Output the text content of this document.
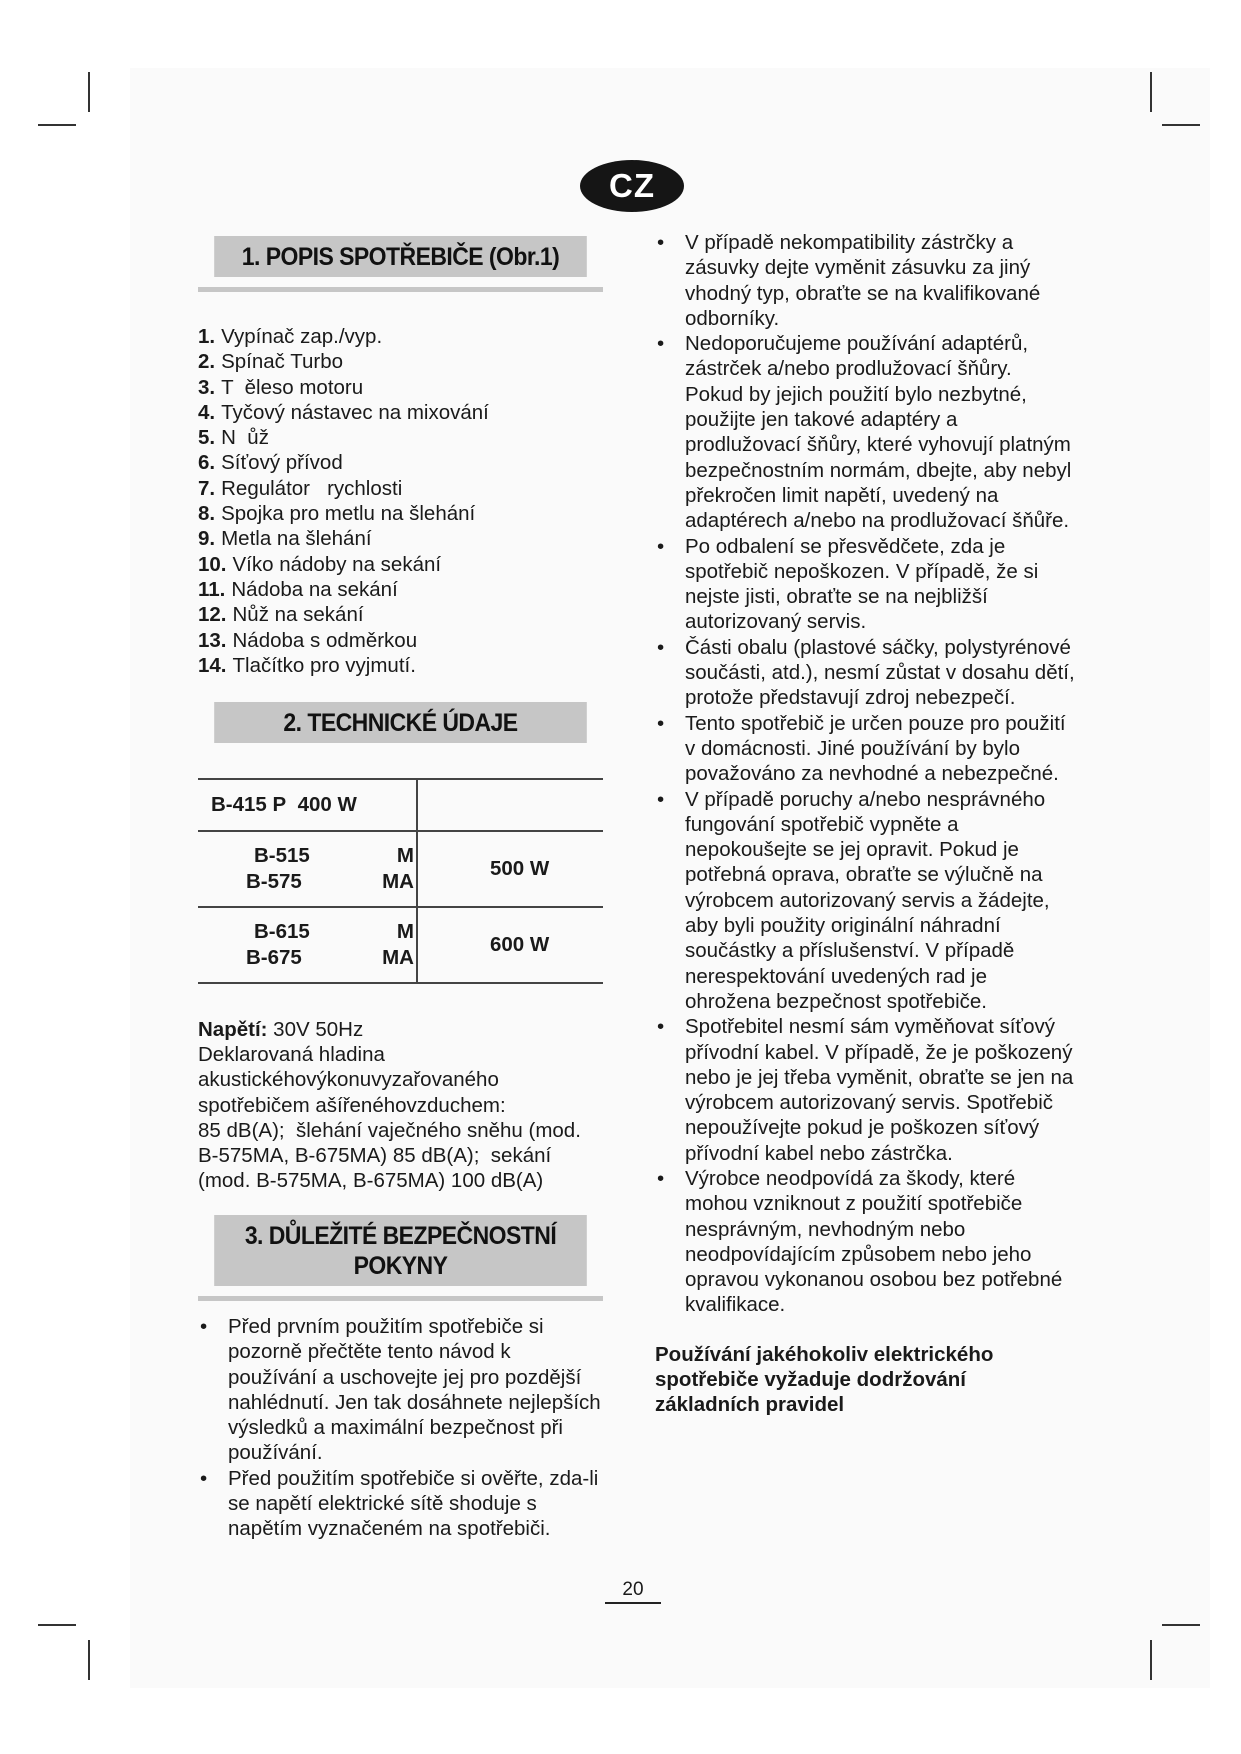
CZ
1. POPIS SPOTŘEBIČE (Obr.1)
1. Vypínač zap./vyp.
2. Spínač Turbo
3. T  ěleso motoru
4. Tyčový nástavec na mixování
5. N  ůž
6. Síťový přívod
7. Regulátor   rychlosti
8. Spojka pro metlu na šlehání
9. Metla na šlehání
10. Víko nádoby na sekání
11. Nádoba na sekání
12. Nůž na sekání
13. Nádoba s odměrkou
14. Tlačítko pro vyjmutí.
2. TECHNICKÉ ÚDAJE
B-415 P 400 W	

B-515 M
B-575 MA	500 W

B-615 M
B-675 MA	600 W
Napětí: 30V 50Hz
Deklarovaná hladina
akustickéhovýkonuvyzařovaného
spotřebičem ašířenéhovzduchem:
85 dB(A);  šlehání vaječného sněhu (mod.
B-575MA, B-675MA) 85 dB(A);  sekání
(mod. B-575MA, B-675MA) 100 dB(A)
3. DŮLEŽITÉ BEZPEČNOSTNÍ
POKYNY
• Před prvním použitím spotřebiče si pozorně přečtěte tento návod k používání a uschovejte jej pro pozdější nahlédnutí. Jen tak dosáhnete nejlepších výsledků a maximální bezpečnost při používání.
• Před použitím spotřebiče si ověřte, zda-li se napětí elektrické sítě shoduje s napětím vyznačeném na spotřebiči.
• V případě nekompatibility zástrčky a zásuvky dejte vyměnit zásuvku za jiný vhodný typ, obraťte se na kvalifikované odborníky.
• Nedoporučujeme používání adaptérů, zástrček a/nebo prodlužovací šňůry. Pokud by jejich použití bylo nezbytné, použijte jen takové adaptéry a prodlužovací šňůry, které vyhovují platným bezpečnostním normám, dbejte, aby nebyl překročen limit napětí, uvedený na adaptérech a/nebo na prodlužovací šňůře.
• Po odbalení se přesvědčete, zda je spotřebič nepoškozen. V případě, že si nejste jisti, obraťte se na nejbližší autorizovaný servis.
• Části obalu (plastové sáčky, polystyrénové součásti, atd.), nesmí zůstat v dosahu dětí, protože představují zdroj nebezpečí.
• Tento spotřebič je určen pouze pro použití v domácnosti. Jiné používání by bylo považováno za nevhodné a nebezpečné.
• V případě poruchy a/nebo nesprávného fungování spotřebič vypněte a nepokoušejte se jej opravit. Pokud je potřebná oprava, obraťte se výlučně na výrobcem autorizovaný servis a žádejte, aby byli použity originální náhradní součástky a příslušenství. V případě nerespektování uvedených rad je ohrožena bezpečnost spotřebiče.
• Spotřebitel nesmí sám vyměňovat síťový přívodní kabel. V případě, že je poškozený nebo je jej třeba vyměnit, obraťte se jen na výrobcem autorizovaný servis. Spotřebič nepoužívejte pokud je poškozen síťový přívodní kabel nebo zástrčka.
• Výrobce neodpovídá za škody, které mohou vzniknout z použití spotřebiče nesprávným, nevhodným nebo neodpovídajícím způsobem nebo jeho opravou vykonanou osobou bez potřebné kvalifikace.
Používání jakéhokoliv elektrického spotřebiče vyžaduje dodržování základních pravidel
20
